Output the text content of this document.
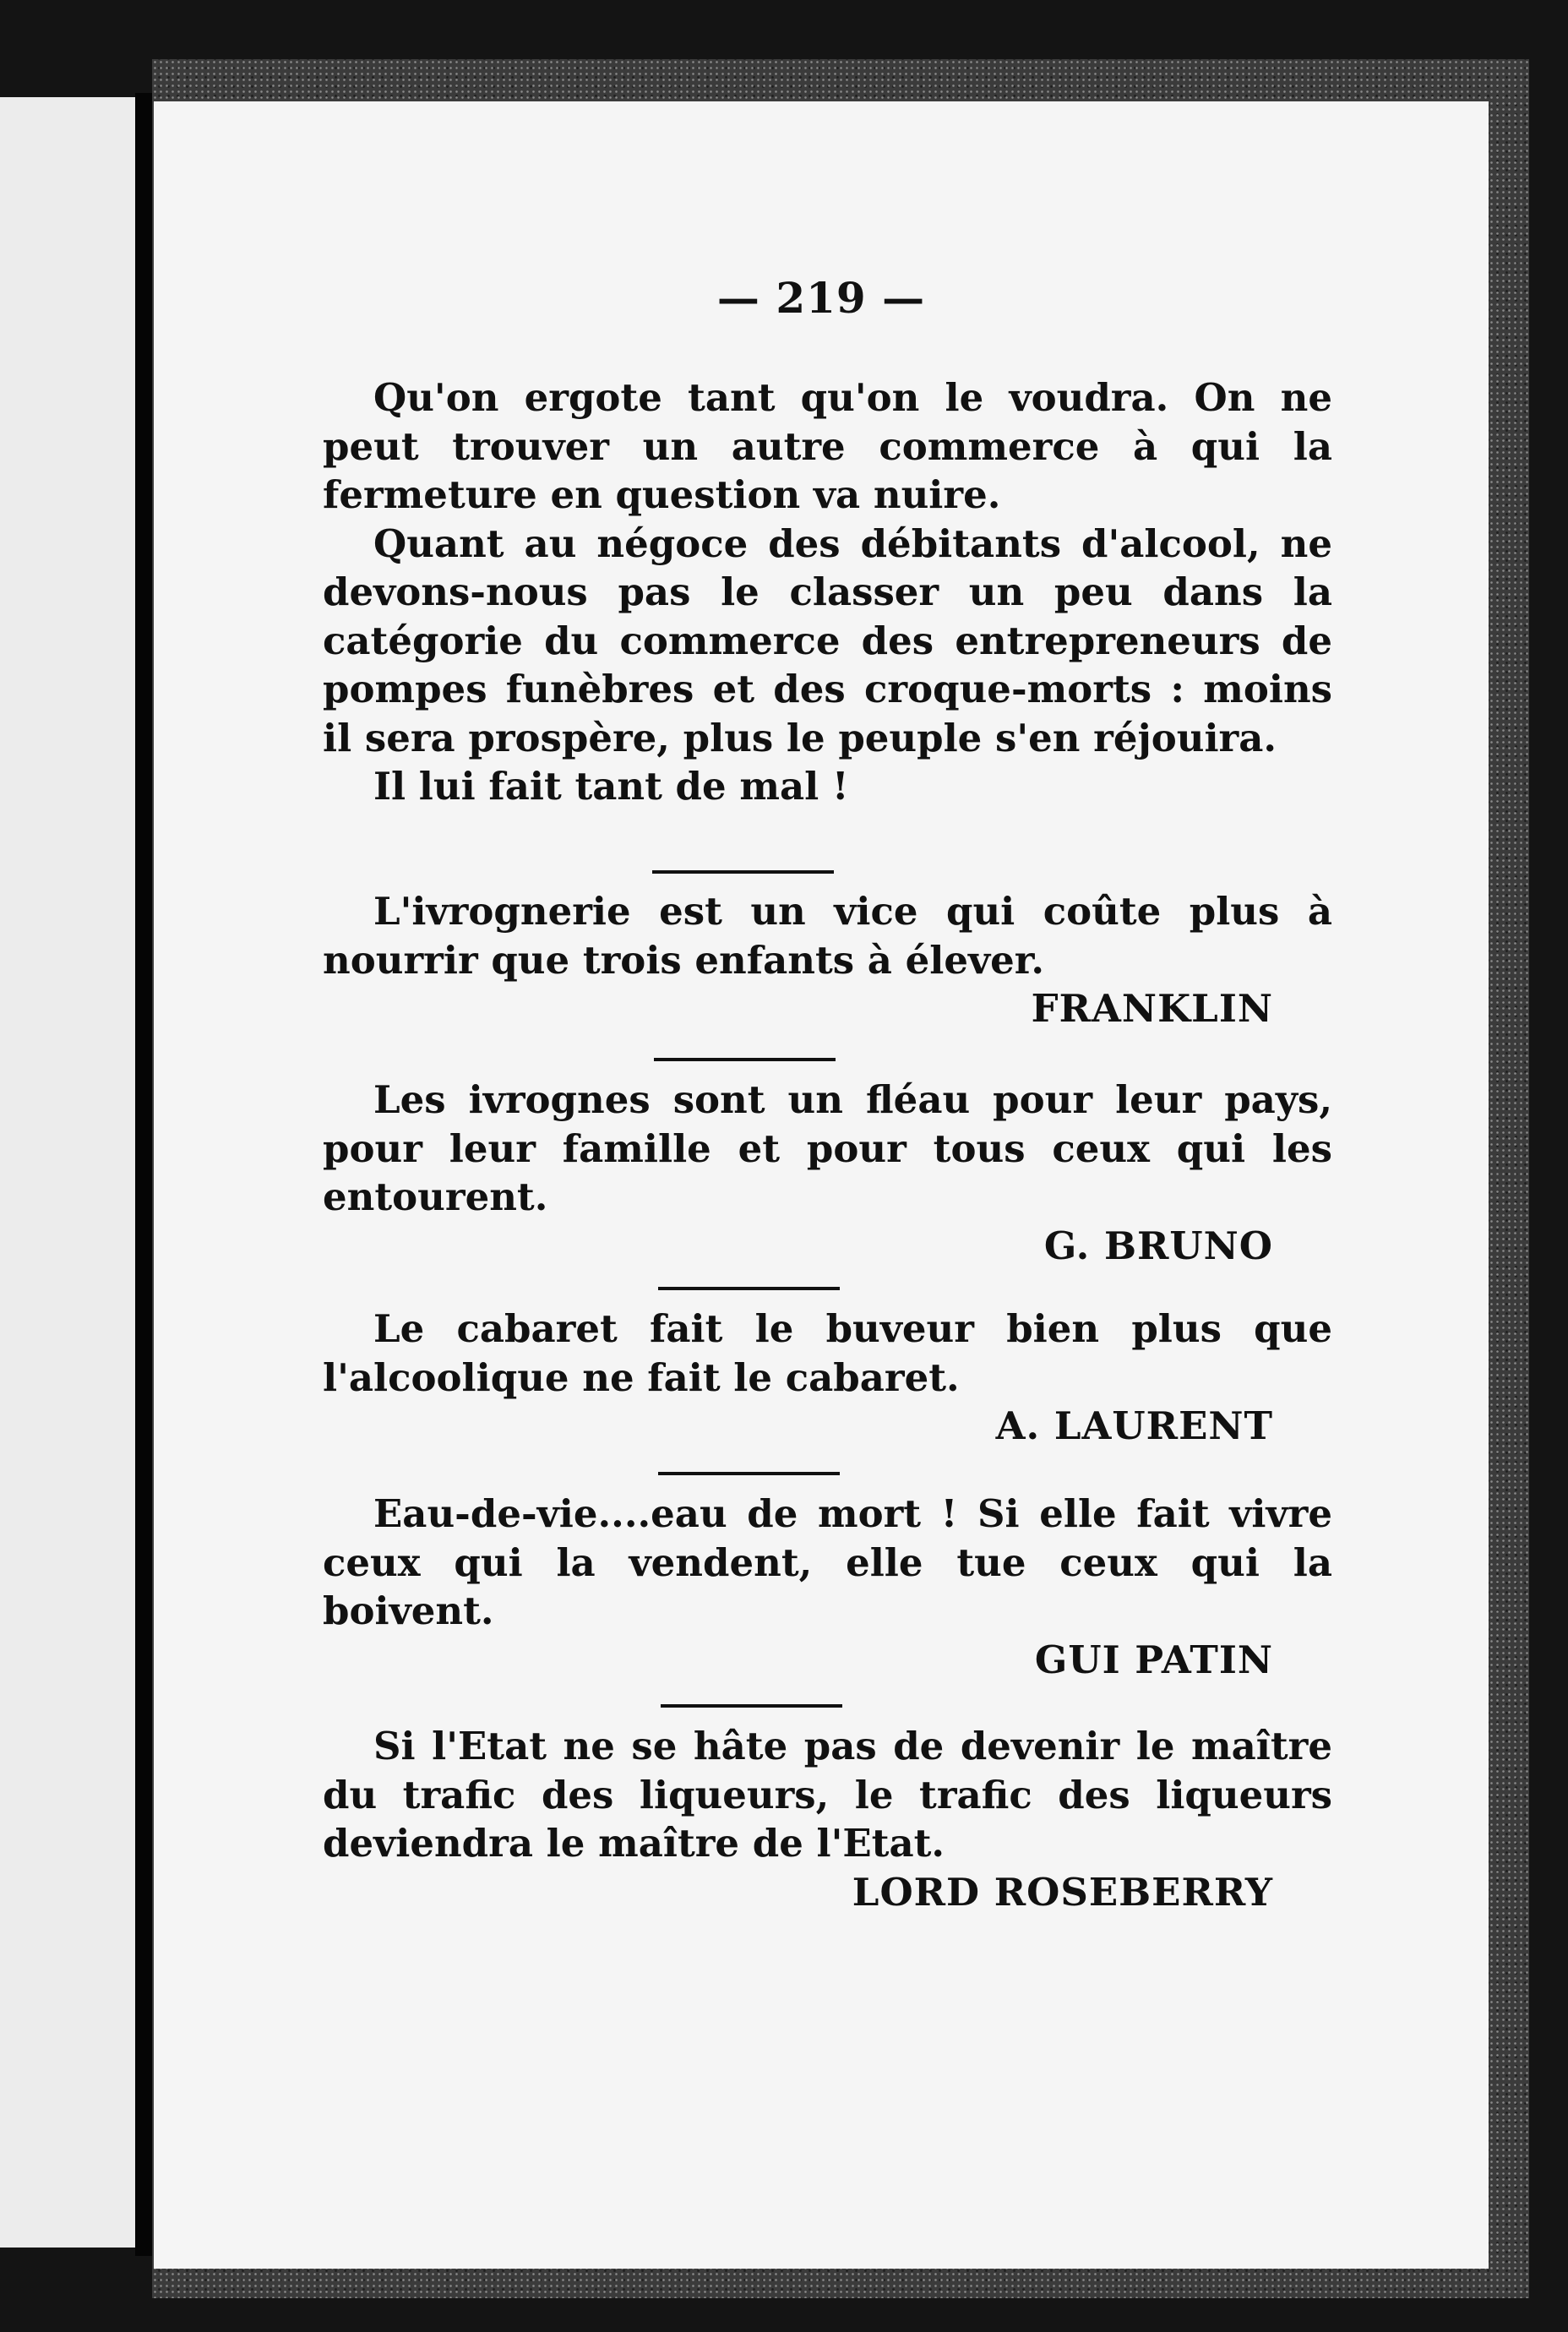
— 219 —
Qu'on ergote tant qu'on le voudra. On ne peut trouver un autre commerce à qui la fermeture en question va nuire.
Quant au négoce des débitants d'alcool, ne devons-nous pas le classer un peu dans la catégorie du commerce des entrepreneurs de pompes funèbres et des croque-morts : moins il sera prospère, plus le peuple s'en réjouira.
Il lui fait tant de mal !
L'ivrognerie est un vice qui coûte plus à nourrir que trois enfants à élever.
FRANKLIN
Les ivrognes sont un fléau pour leur pays, pour leur famille et pour tous ceux qui les entourent.
G. BRUNO
Le cabaret fait le buveur bien plus que l'alcoolique ne fait le cabaret.
A. LAURENT
Eau-de-vie....eau de mort ! Si elle fait vivre ceux qui la vendent, elle tue ceux qui la boivent.
GUI PATIN
Si l'Etat ne se hâte pas de devenir le maître du trafic des liqueurs, le trafic des liqueurs deviendra le maître de l'Etat.
LORD ROSEBERRY
